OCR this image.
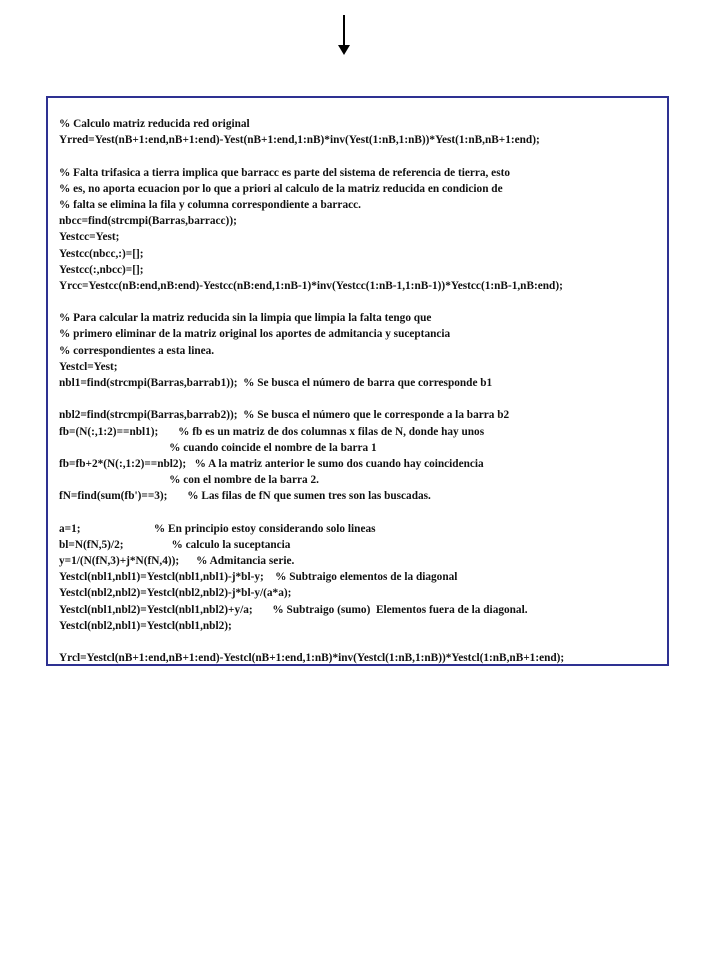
% Calculo matriz reducida red original
Yrred=Yest(nB+1:end,nB+1:end)-Yest(nB+1:end,1:nB)*inv(Yest(1:nB,1:nB))*Yest(1:nB,nB+1:end);
% Falta trifasica a tierra implica que barracc es parte del sistema de referencia de tierra, esto
% es, no aporta ecuacion por lo que a priori al calculo de la matriz reducida en condicion de
% falta se elimina la fila y columna correspondiente a barracc.
nbcc=find(strcmpi(Barras,barracc));
Yestcc=Yest;
Yestcc(nbcc,:)=[];
Yestcc(:,nbcc)=[];
Yrcc=Yestcc(nB:end,nB:end)-Yestcc(nB:end,1:nB-1)*inv(Yestcc(1:nB-1,1:nB-1))*Yestcc(1:nB-1,nB:end);
% Para calcular la matriz reducida sin la limpia que limpia la falta tengo que
% primero eliminar de la matriz original los aportes de admitancia y suceptancia
% correspondientes a esta linea.
Yestcl=Yest;
nbl1=find(strcmpi(Barras,barrab1));  % Se busca el número de barra que corresponde b1
nbl2=find(strcmpi(Barras,barrab2));  % Se busca el número que le corresponde a la barra b2
fb=(N(:,1:2)==nbl1);       % fb es un matriz de dos columnas x filas de N, donde hay unos
% cuando coincide el nombre de la barra 1
fb=fb+2*(N(:,1:2)==nbl2);   % A la matriz anterior le sumo dos cuando hay coincidencia
% con el nombre de la barra 2.
fN=find(sum(fb')==3);       % Las filas de fN que sumen tres son las buscadas.
a=1;                          % En principio estoy considerando solo lineas
bl=N(fN,5)/2;                 % calculo la suceptancia
y=1/(N(fN,3)+j*N(fN,4));      % Admitancia serie.
Yestcl(nbl1,nbl1)=Yestcl(nbl1,nbl1)-j*bl-y;    % Subtraigo elementos de la diagonal
Yestcl(nbl2,nbl2)=Yestcl(nbl2,nbl2)-j*bl-y/(a*a);
Yestcl(nbl1,nbl2)=Yestcl(nbl1,nbl2)+y/a;       % Subtraigo (sumo)  Elementos fuera de la diagonal.
Yestcl(nbl2,nbl1)=Yestcl(nbl1,nbl2);
Yrcl=Yestcl(nB+1:end,nB+1:end)-Yestcl(nB+1:end,1:nB)*inv(Yestcl(1:nB,1:nB))*Yestcl(1:nB,nB+1:end);
